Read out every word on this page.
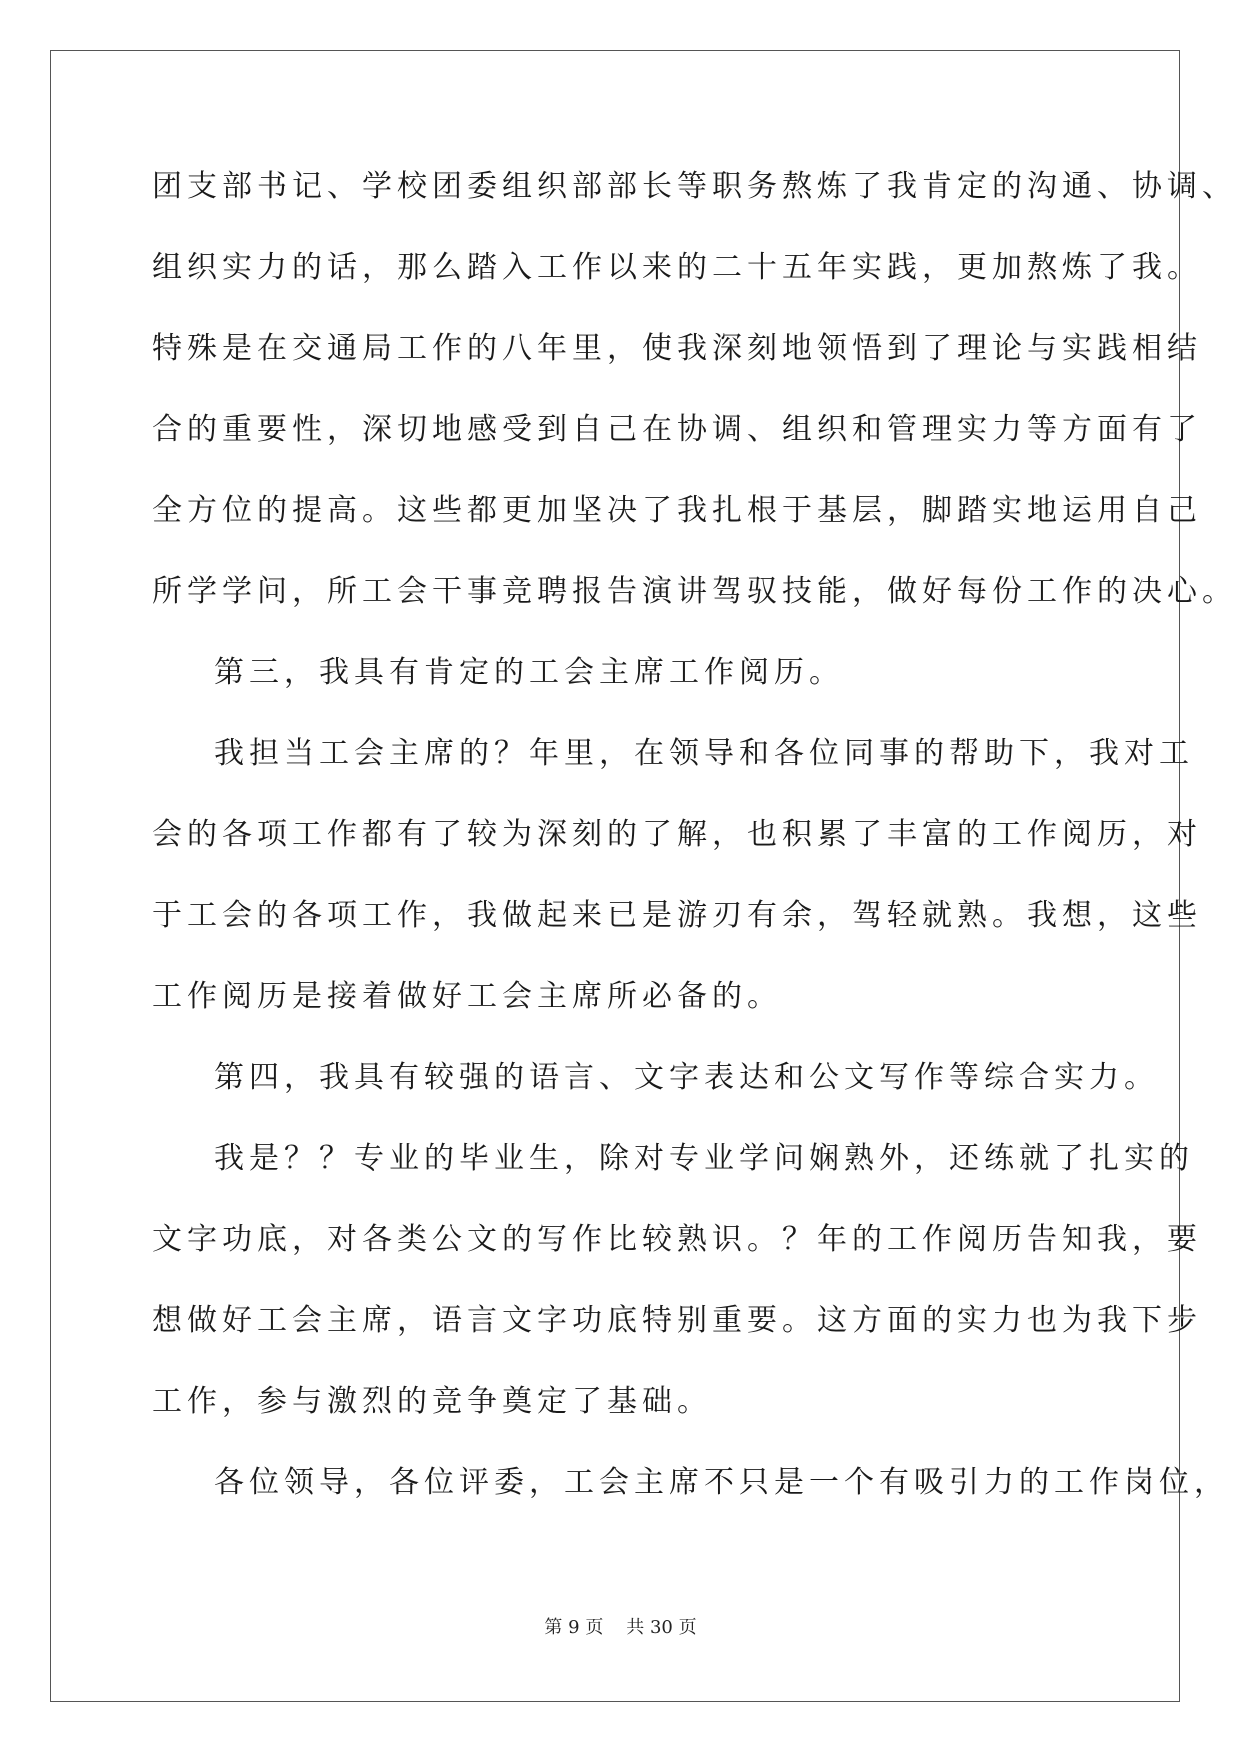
团支部书记、学校团委组织部部长等职务熬炼了我肯定的沟通、协调、
组织实力的话，那么踏入工作以来的二十五年实践，更加熬炼了我。
特殊是在交通局工作的八年里，使我深刻地领悟到了理论与实践相结
合的重要性，深切地感受到自己在协调、组织和管理实力等方面有了
全方位的提高。这些都更加坚决了我扎根于基层，脚踏实地运用自己
所学学问，所工会干事竞聘报告演讲驾驭技能，做好每份工作的决心。
第三，我具有肯定的工会主席工作阅历。
我担当工会主席的？年里，在领导和各位同事的帮助下，我对工
会的各项工作都有了较为深刻的了解，也积累了丰富的工作阅历，对
于工会的各项工作，我做起来已是游刃有余，驾轻就熟。我想，这些
工作阅历是接着做好工会主席所必备的。
第四，我具有较强的语言、文字表达和公文写作等综合实力。
我是？？专业的毕业生，除对专业学问娴熟外，还练就了扎实的
文字功底，对各类公文的写作比较熟识。？年的工作阅历告知我，要
想做好工会主席，语言文字功底特别重要。这方面的实力也为我下步
工作，参与激烈的竞争奠定了基础。
各位领导，各位评委，工会主席不只是一个有吸引力的工作岗位，
第 9 页 共 30 页
